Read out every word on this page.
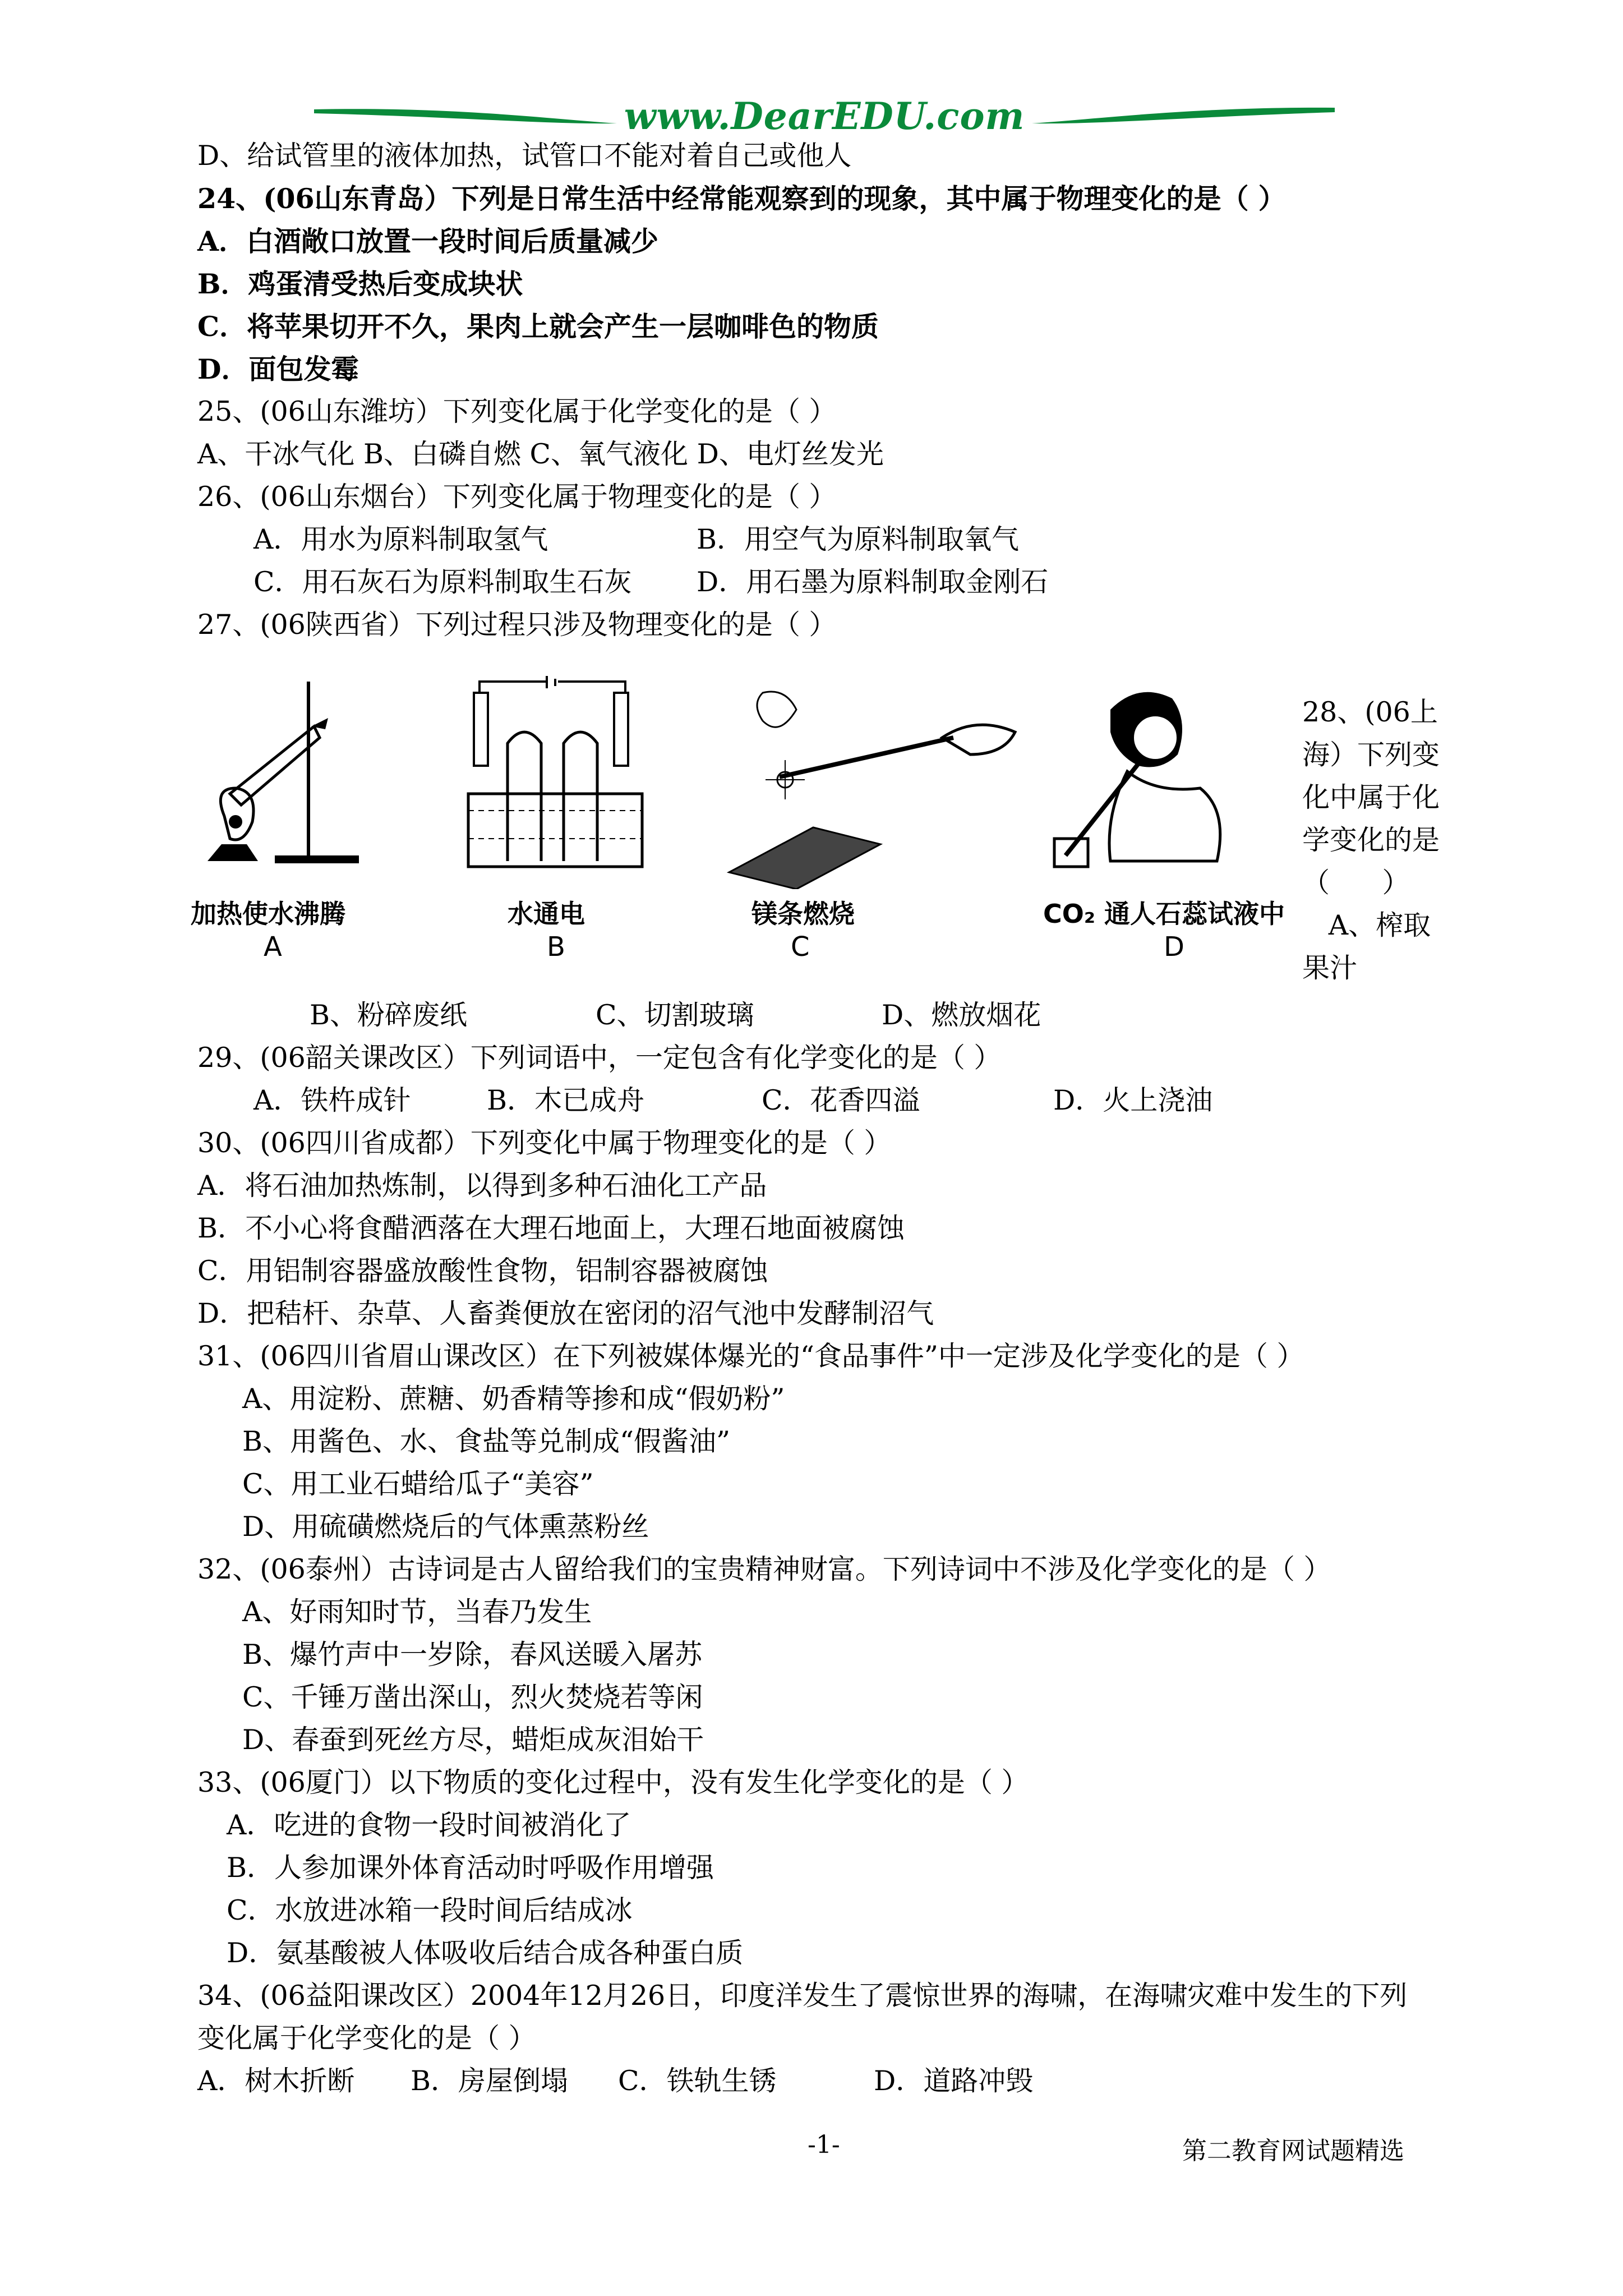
www.DearEDU.com
D、给试管里的液体加热，试管口不能对着自己或他人
24、(06山东青岛）下列是日常生活中经常能观察到的现象，其中属于物理变化的是（ ）
A．白酒敞口放置一段时间后质量减少
B．鸡蛋清受热后变成块状
C．将苹果切开不久，果肉上就会产生一层咖啡色的物质
D．面包发霉
25、(06山东潍坊）下列变化属于化学变化的是（ ）
A、干冰气化 B、白磷自燃 C、氧气液化 D、电灯丝发光
26、(06山东烟台）下列变化属于物理变化的是（ ）
A．用水为原料制取氢气	B．用空气为原料制取氧气
C．用石灰石为原料制取生石灰	D．用石墨为原料制取金刚石
27、(06陕西省）下列过程只涉及物理变化的是（ ）
B、粉碎废纸	C、切割玻璃	D、燃放烟花
29、(06韶关课改区）下列词语中，一定包含有化学变化的是（ ）
A．铁杵成针	B．木已成舟	C．花香四溢	D．火上浇油
30、(06四川省成都）下列变化中属于物理变化的是（ ）
A．将石油加热炼制，以得到多种石油化工产品
B．不小心将食醋洒落在大理石地面上，大理石地面被腐蚀
C．用铝制容器盛放酸性食物，铝制容器被腐蚀
D．把秸杆、杂草、人畜粪便放在密闭的沼气池中发酵制沼气
31、(06四川省眉山课改区）在下列被媒体爆光的“食品事件”中一定涉及化学变化的是（ ）
A、用淀粉、蔗糖、奶香精等掺和成“假奶粉”
B、用酱色、水、食盐等兑制成“假酱油”
C、用工业石蜡给瓜子“美容”
D、用硫磺燃烧后的气体熏蒸粉丝
32、(06泰州）古诗词是古人留给我们的宝贵精神财富。下列诗词中不涉及化学变化的是（ ）
A、好雨知时节，当春乃发生
B、爆竹声中一岁除，春风送暖入屠苏
C、千锤万凿出深山，烈火焚烧若等闲
D、春蚕到死丝方尽，蜡炬成灰泪始干
33、(06厦门）以下物质的变化过程中，没有发生化学变化的是（ ）
A．吃进的食物一段时间被消化了
B．人参加课外体育活动时呼吸作用增强
C．水放进冰箱一段时间后结成冰
D．氨基酸被人体吸收后结合成各种蛋白质
34、(06益阳课改区）2004年12月26日，印度洋发生了震惊世界的海啸，在海啸灾难中发生的下列
变化属于化学变化的是（ ）
A．树木折断	B．房屋倒塌	C．铁轨生锈	D．道路冲毁
加热使水沸腾
A
水通电
B
镁条燃烧
C
CO₂ 通人石蕊试液中
D
28、(06上
海）下列变
化中属于化
学变化的是
（      ）
A、榨取
果汁
-1-	第二教育网试题精选
